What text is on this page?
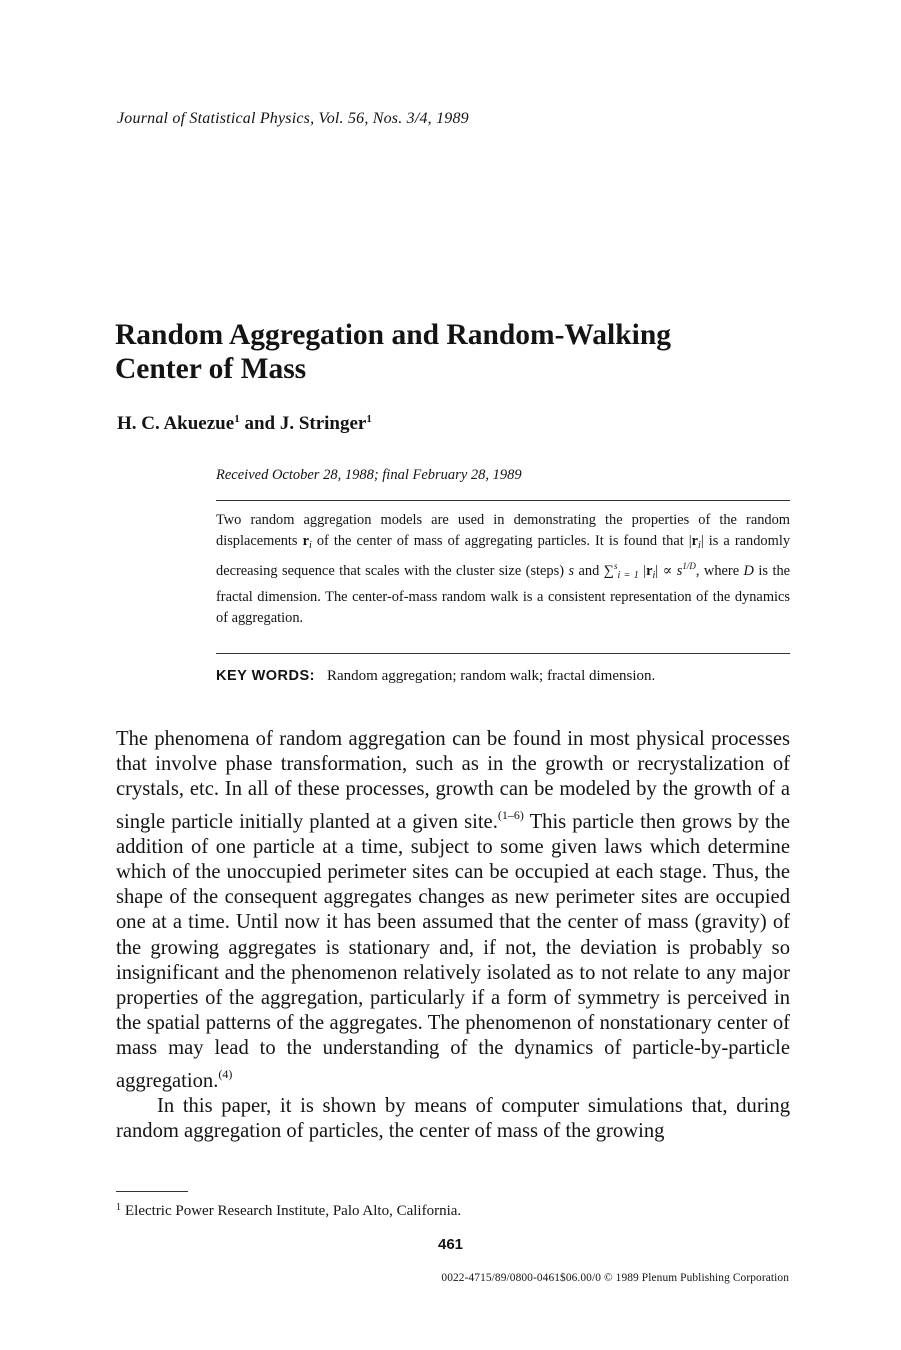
Journal of Statistical Physics, Vol. 56, Nos. 3/4, 1989
Random Aggregation and Random-Walking
Center of Mass
H. C. Akuezue$^1$ and J. Stringer$^1$
Received October 28, 1988; final February 28, 1989
Two random aggregation models are used in demonstrating the properties of the random displacements $r_i$ of the center of mass of aggregating particles. It is found that $|r_i|$ is a randomly decreasing sequence that scales with the cluster size (steps) s and ∑$^s_{i = 1}$ $|r_i| \propto s^{1/D}$, where D is the fractal dimension. The center-of-mass random walk is a consistent representation of the dynamics of aggregation.
KEY WORDS: Random aggregation; random walk; fractal dimension.

The phenomena of random aggregation can be found in most physical processes that involve phase transformation, such as in the growth or recrystalization of crystals, etc. In all of these processes, growth can be modeled by the growth of a single particle initially planted at a given site.$^{(1-6)}$ This particle then grows by the addition of one particle at a time, subject to some given laws which determine which of the unoccupied perimeter sites can be occupied at each stage. Thus, the shape of the consequent aggregates changes as new perimeter sites are occupied one at a time. Until now it has been assumed that the center of mass (gravity) of the growing aggregates is stationary and, if not, the deviation is probably so insignificant and the phenomenon relatively isolated as to not relate to any major properties of the aggregation, particularly if a form of symmetry is perceived in the spatial patterns of the aggregates. The phenomenon of nonstationary center of mass may lead to the understanding of the dynamics of particle-by-particle aggregation.$^{(4)}$

In this paper, it is shown by means of computer simulations that, during random aggregation of particles, the center of mass of the growing

$^1$ Electric Power Research Institute, Palo Alto, California.
461
0022-4715/89/0800-0461$06.00/0 © 1989 Plenum Publishing Corporation
